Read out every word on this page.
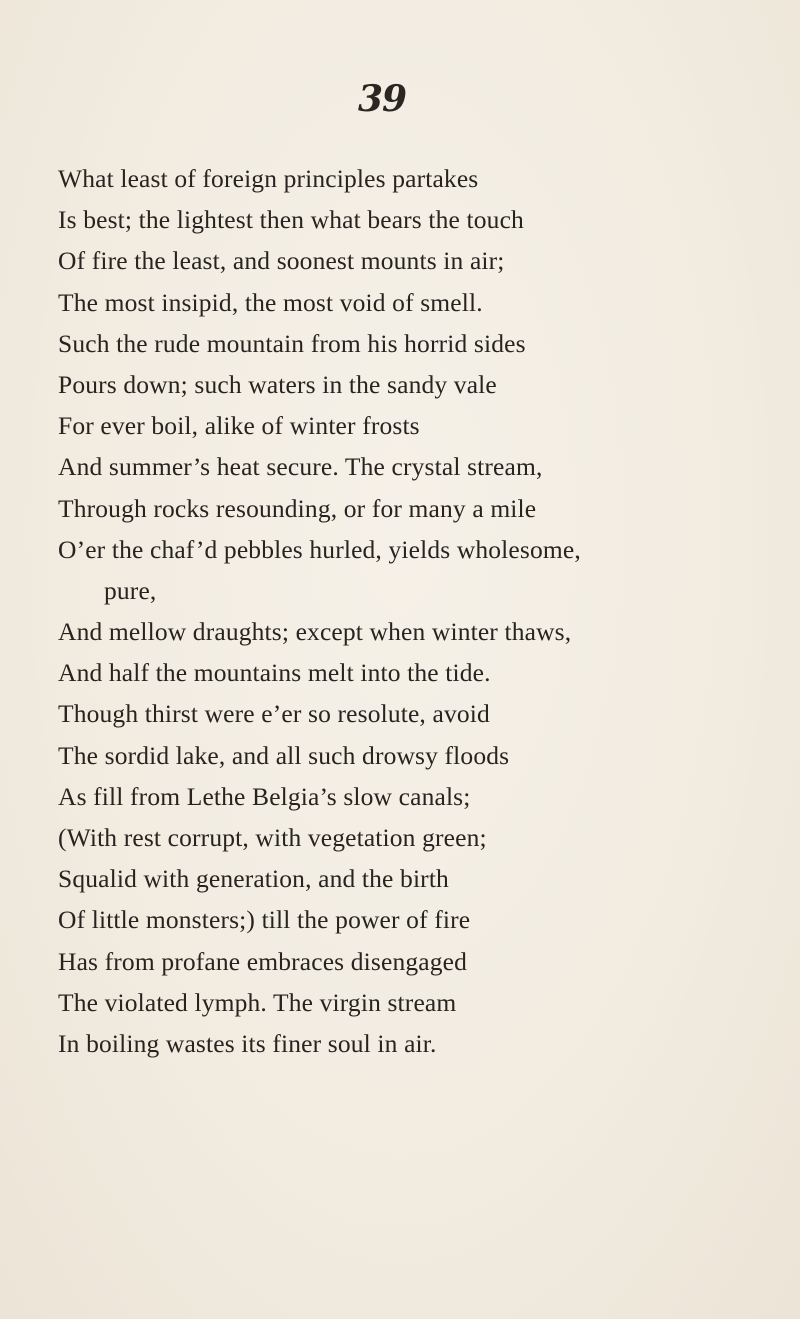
39
What least of foreign principles partakes
Is best; the lightest then what bears the touch
Of fire the least, and soonest mounts in air;
The most insipid, the most void of smell.
Such the rude mountain from his horrid sides
Pours down; such waters in the sandy vale
For ever boil, alike of winter frosts
And summer’s heat secure. The crystal stream,
Through rocks resounding, or for many a mile
O’er the chaf’d pebbles hurled, yields wholesome,
pure,
And mellow draughts; except when winter thaws,
And half the mountains melt into the tide.
Though thirst were e’er so resolute, avoid
The sordid lake, and all such drowsy floods
As fill from Lethe Belgia’s slow canals;
(With rest corrupt, with vegetation green;
Squalid with generation, and the birth
Of little monsters;) till the power of fire
Has from profane embraces disengaged
The violated lymph. The virgin stream
In boiling wastes its finer soul in air.
